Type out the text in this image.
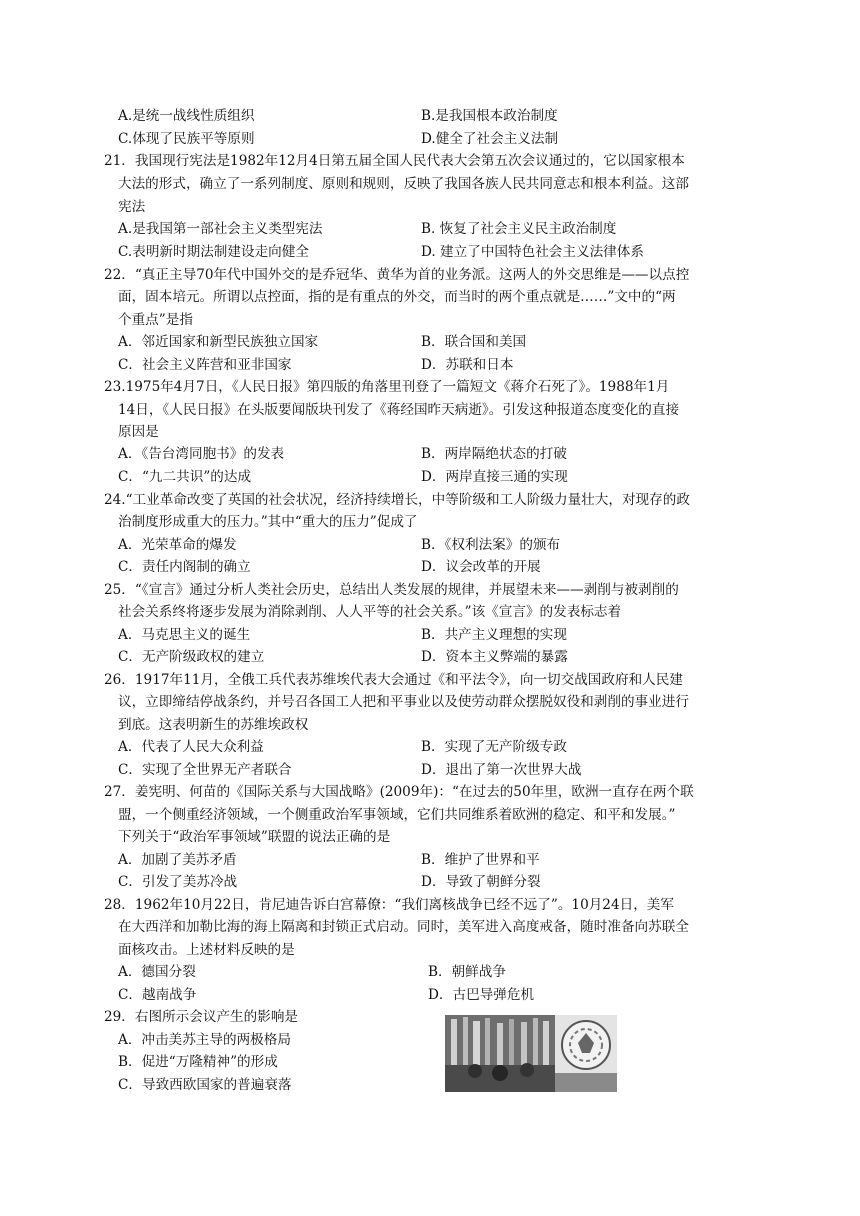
A.是统一战线性质组织	B.是我国根本政治制度
C.体现了民族平等原则	D.健全了社会主义法制
21．我国现行宪法是1982年12月4日第五届全国人民代表大会第五次会议通过的，它以国家根本
大法的形式，确立了一系列制度、原则和规则，反映了我国各族人民共同意志和根本利益。这部
宪法
A.是我国第一部社会主义类型宪法	B. 恢复了社会主义民主政治制度
C.表明新时期法制建设走向健全	D. 建立了中国特色社会主义法律体系
22．“真正主导70年代中国外交的是乔冠华、黄华为首的业务派。这两人的外交思维是——以点控
面，固本培元。所谓以点控面，指的是有重点的外交，而当时的两个重点就是……”文中的“两
个重点”是指
A．邻近国家和新型民族独立国家	B．联合国和美国
C．社会主义阵营和亚非国家	D．苏联和日本
23.1975年4月7日，《人民日报》第四版的角落里刊登了一篇短文《蒋介石死了》。1988年1月
14日，《人民日报》在头版要闻版块刊发了《蒋经国昨天病逝》。引发这种报道态度变化的直接
原因是
A．《告台湾同胞书》的发表	B．两岸隔绝状态的打破
C．“九二共识”的达成	D．两岸直接三通的实现
24.“工业革命改变了英国的社会状况，经济持续增长，中等阶级和工人阶级力量壮大，对现存的政
治制度形成重大的压力。”其中“重大的压力”促成了
A．光荣革命的爆发	B．《权利法案》的颁布
C．责任内阁制的确立	D．议会改革的开展
25．“《宣言》通过分析人类社会历史，总结出人类发展的规律，并展望未来——剥削与被剥削的
社会关系终将逐步发展为消除剥削、人人平等的社会关系。”该《宣言》的发表标志着
A．马克思主义的诞生	B．共产主义理想的实现
C．无产阶级政权的建立	D．资本主义弊端的暴露
26．1917年11月，全俄工兵代表苏维埃代表大会通过《和平法令》，向一切交战国政府和人民建
议，立即缔结停战条约，并号召各国工人把和平事业以及使劳动群众摆脱奴役和剥削的事业进行
到底。这表明新生的苏维埃政权
A．代表了人民大众利益	B．实现了无产阶级专政
C．实现了全世界无产者联合	D．退出了第一次世界大战
27．姜宪明、何苗的《国际关系与大国战略》(2009年)：“在过去的50年里，欧洲一直存在两个联
盟，一个侧重经济领域，一个侧重政治军事领域，它们共同维系着欧洲的稳定、和平和发展。”
下列关于“政治军事领域”联盟的说法正确的是
A．加剧了美苏矛盾	B．维护了世界和平
C．引发了美苏冷战	D．导致了朝鲜分裂
28．1962年10月22日，肯尼迪告诉白宫幕僚：“我们离核战争已经不远了”。10月24日，美军
在大西洋和加勒比海的海上隔离和封锁正式启动。同时，美军进入高度戒备，随时准备向苏联全
面核攻击。上述材料反映的是
A．德国分裂	B．朝鲜战争
C．越南战争	D．古巴导弹危机
29．右图所示会议产生的影响是
A．冲击美苏主导的两极格局
B．促进“万隆精神”的形成
C．导致西欧国家的普遍衰落
